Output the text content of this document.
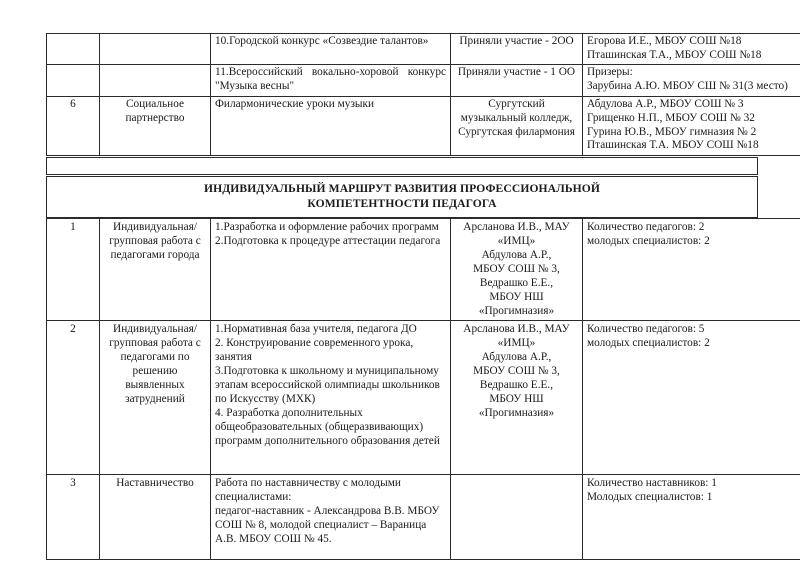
		10.Городской конкурс «Созвездие талантов»	Приняли участие - 2ОО	Егорова И.Е., МБОУ СОШ №18
Пташинская Т.А., МБОУ СОШ №18
		11.Всероссийский вокально-хоровой конкурс "Музыка весны"	Приняли участие - 1 ОО	Призеры:
Зарубина А.Ю. МБОУ СШ № 31(3 место)
6	Социальное партнерство	Филармонические уроки музыки	Сургутский музыкальный колледж,
Сургутская филармония	Абдулова А.Р., МБОУ СОШ № 3
Грищенко Н.П., МБОУ СОШ № 32
Гурина Ю.В., МБОУ гимназия № 2
Пташинская Т.А. МБОУ СОШ №18
ИНДИВИДУАЛЬНЫЙ МАРШРУТ РАЗВИТИЯ ПРОФЕССИОНАЛЬНОЙ
КОМПЕТЕНТНОСТИ ПЕДАГОГА
1	Индивидуальная/групповая работа с педагогами города	1.Разработка и оформление рабочих программ
2.Подготовка к процедуре аттестации педагога	Арсланова И.В., МАУ «ИМЦ»
Абдулова А.Р.,
МБОУ СОШ № 3,
Ведрашко Е.Е.,
МБОУ НШ «Прогимназия»	Количество педагогов: 2
молодых специалистов: 2
2	Индивидуальная/групповая работа с педагогами по решению выявленных затруднений	1.Нормативная база учителя, педагога ДО
2. Конструирование современного урока, занятия
3.Подготовка к школьному и муниципальному этапам всероссийской олимпиады школьников по Искусству (МХК)
4. Разработка дополнительных общеобразовательных (общеразвивающих) программ дополнительного образования детей	Арсланова И.В., МАУ «ИМЦ»
Абдулова А.Р.,
МБОУ СОШ № 3,
Ведрашко Е.Е.,
МБОУ НШ «Прогимназия»	Количество педагогов: 5
молодых специалистов: 2
3	Наставничество	Работа по наставничеству с молодыми специалистами:
педагог-наставник - Александрова В.В. МБОУ СОШ № 8, молодой специалист – Вараница А.В. МБОУ СОШ № 45.		Количество наставников: 1
Молодых специалистов: 1
